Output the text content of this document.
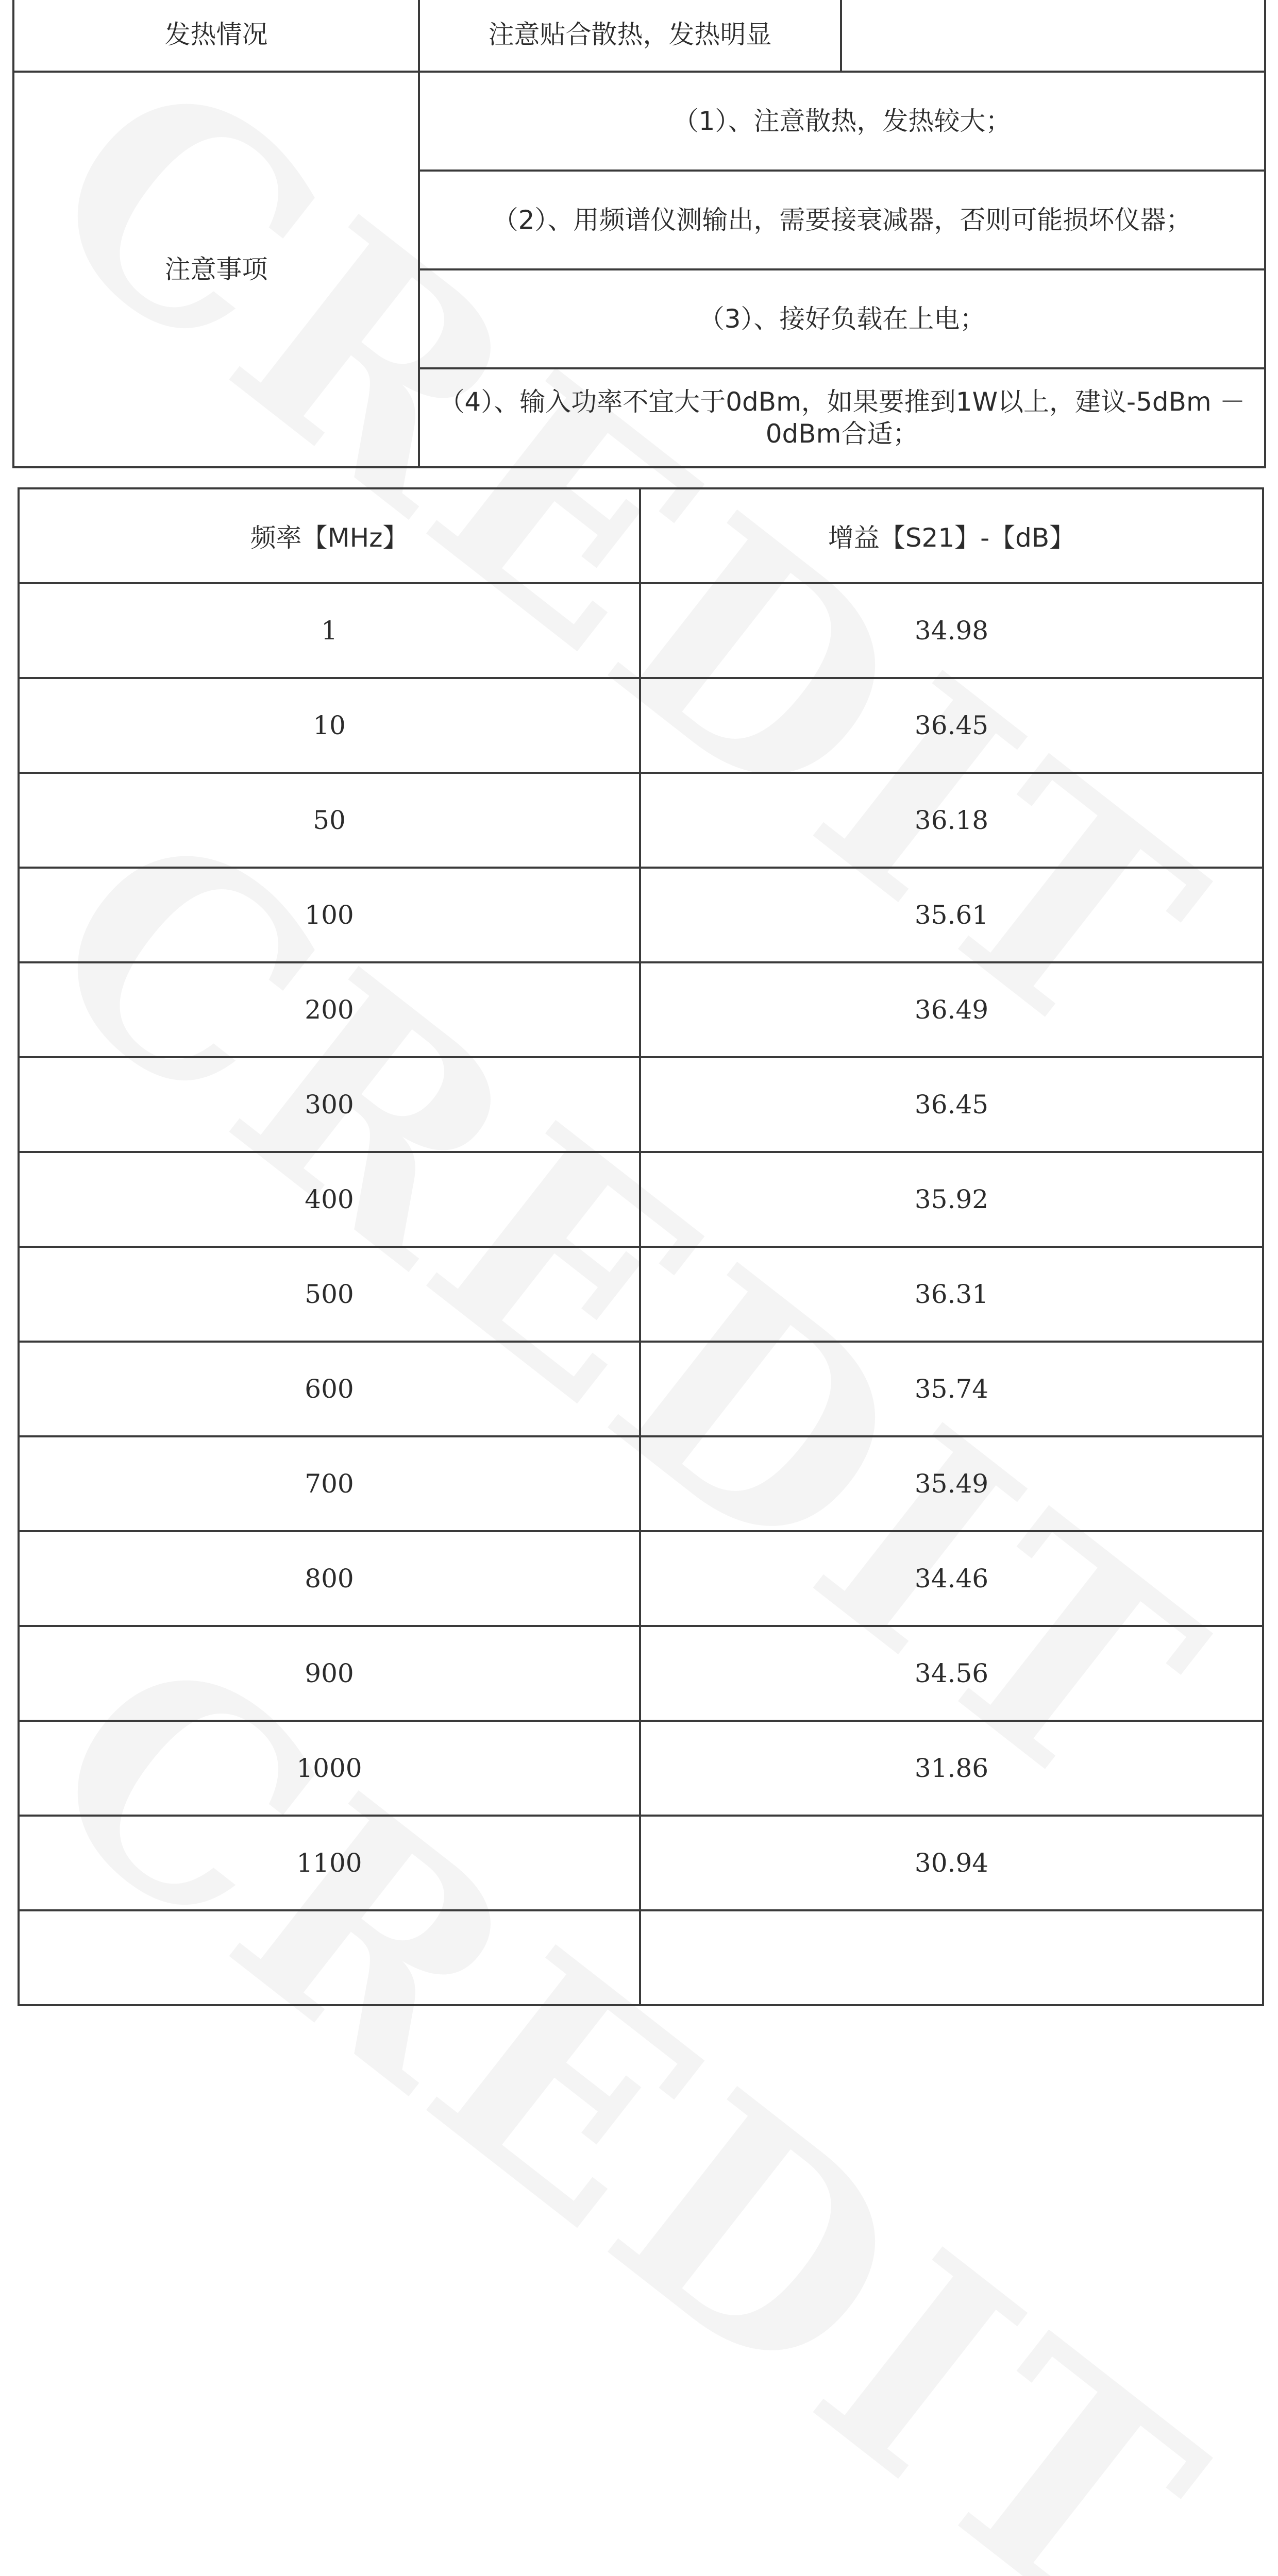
发热情况	注意贴合散热，发热明显	
注意事项	（1）、注意散热，发热较大；	
	（2）、用频谱仪测输出，需要接衰减器，否则可能损坏仪器；	
	（3）、接好负载在上电；	
	（4）、输入功率不宜大于0dBm，如果要推到1W以上，建议-5dBm －0dBm合适；	
频率【MHz】	增益【S21】-【dB】
1	34.98
10	36.45
50	36.18
100	35.61
200	36.49
300	36.45
400	35.92
500	36.31
600	35.74
700	35.49
800	34.46
900	34.56
1000	31.86
1100	30.94
